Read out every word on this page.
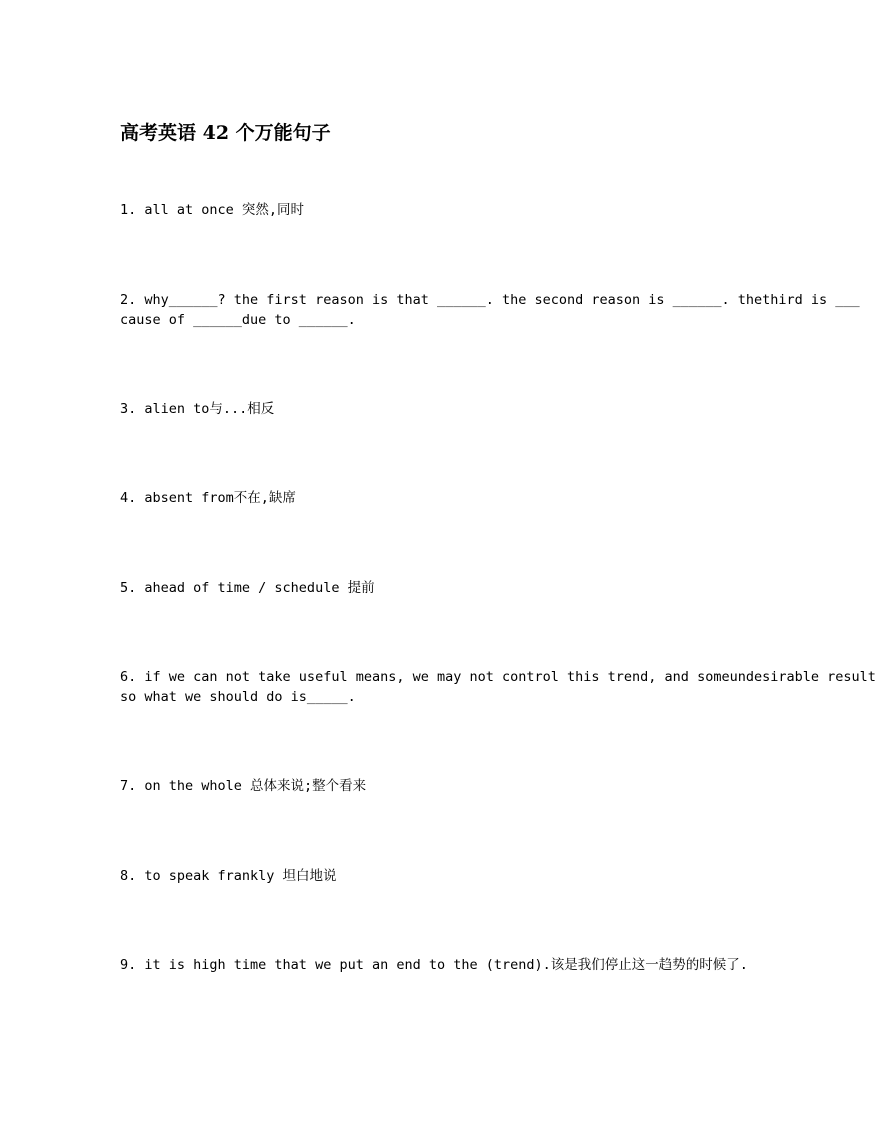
高考英语 42 个万能句子

1. all at once 突然,同时

2. why______? the first reason is that ______. the second reason is ______. thethird is ___
cause of ______due to ______.

3. alien to与...相反

4. absent from不在,缺席

5. ahead of time / schedule 提前

6. if we can not take useful means, we may not control this trend, and someundesirable result
so what we should do is_____.

7. on the whole 总体来说;整个看来

8. to speak frankly 坦白地说

9. it is high time that we put an end to the (trend).该是我们停止这一趋势的时候了.
